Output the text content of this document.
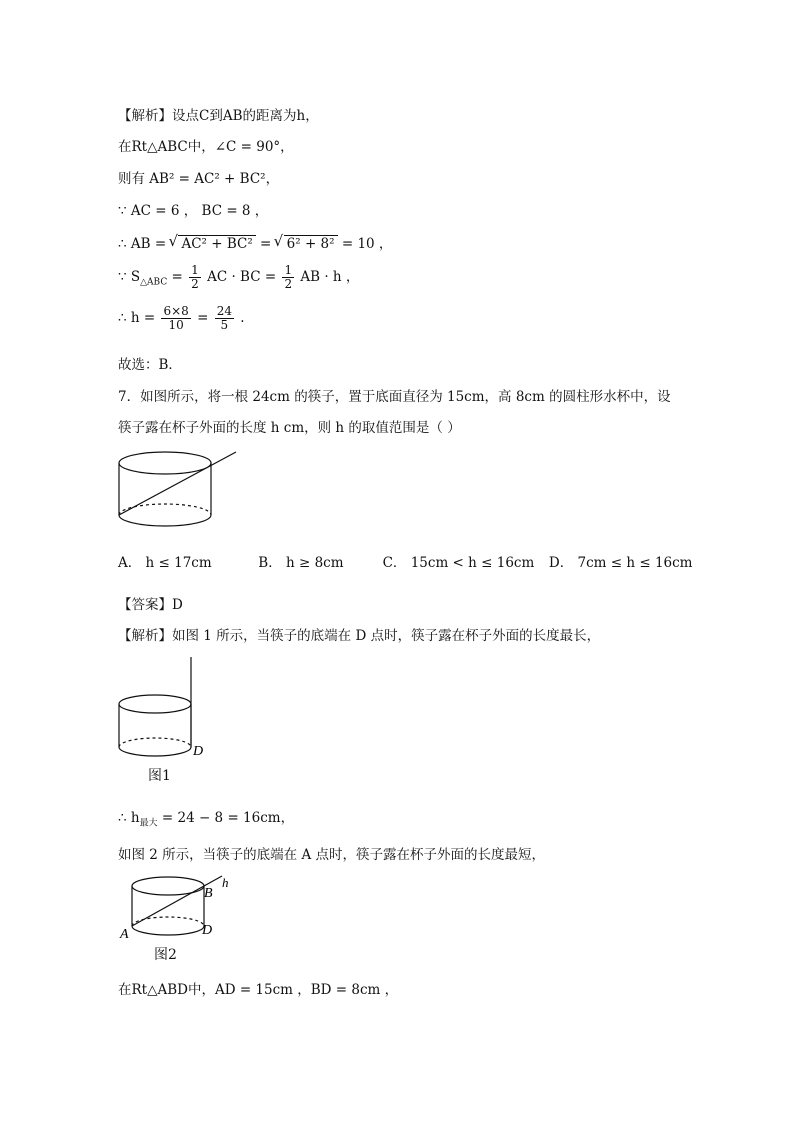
【解析】设点C到AB的距离为h，
在Rt△ABC中，∠C = 90°，
则有 AB² = AC² + BC²，
∵ AC = 6 ， BC = 8 ，
∴ AB = √ AC² + BC² = √ 6² + 8² = 10 ，
∵ $S_{\triangle ABC} = \frac{1}{2}$ AC · BC = $\frac{1}{2}$ AB · h ，
∴ $h = \frac{6\times 8}{10} = \frac{24}{5}$ .
故选：B．
7．如图所示，将一根 24cm 的筷子，置于底面直径为 15cm，高 8cm 的圆柱形水杯中，设
筷子露在杯子外面的长度 h cm，则 h 的取值范围是（ ）
A． h ≤ 17cm	B． h ≥ 8cm	C． 15cm < h ≤ 16cm D． 7cm ≤ h ≤ 16cm
【答案】D
【解析】如图 1 所示，当筷子的底端在 D 点时，筷子露在杯子外面的长度最长，
D
图1
∴ $h_{最大} = 24 - 8 = 16cm$，
如图 2 所示，当筷子的底端在 A 点时，筷子露在杯子外面的长度最短，
A
B
D
h
图2
在Rt△ABD中，AD = 15cm ，BD = 8cm ，
